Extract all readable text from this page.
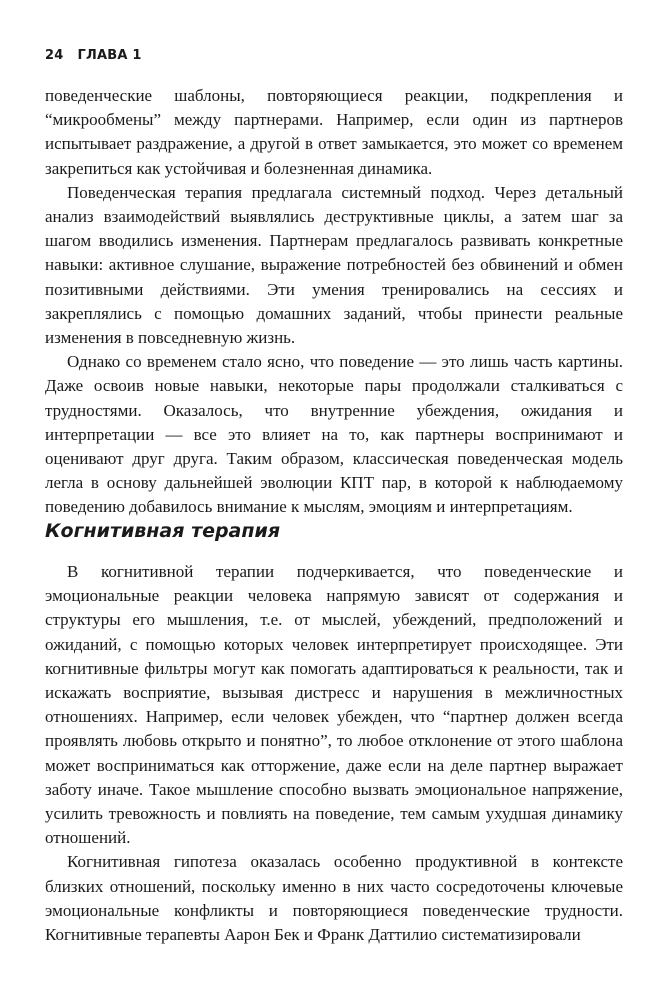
24 ГЛАВА 1

поведенческие шаблоны, повторяющиеся реакции, подкрепления и “микрообмены” между партнерами. Например, если один из партнеров испытывает раздражение, а другой в ответ замыкается, это может со временем закрепиться как устойчивая и болезненная динамика.

Поведенческая терапия предлагала системный подход. Через детальный анализ взаимодействий выявлялись деструктивные циклы, а затем шаг за шагом вводились изменения. Партнерам предлагалось развивать конкретные навыки: активное слушание, выражение потребностей без обвинений и обмен позитивными действиями. Эти умения тренировались на сессиях и закреплялись с помощью домашних заданий, чтобы принести реальные изменения в повседневную жизнь.

Однако со временем стало ясно, что поведение — это лишь часть картины. Даже освоив новые навыки, некоторые пары продолжали сталкиваться с трудностями. Оказалось, что внутренние убеждения, ожидания и интерпретации — все это влияет на то, как партнеры воспринимают и оценивают друг друга. Таким образом, классическая поведенческая модель легла в основу дальнейшей эволюции КПТ пар, в которой к наблюдаемому поведению добавилось внимание к мыслям, эмоциям и интерпретациям.

Когнитивная терапия

В когнитивной терапии подчеркивается, что поведенческие и эмоциональные реакции человека напрямую зависят от содержания и структуры его мышления, т.е. от мыслей, убеждений, предположений и ожиданий, с помощью которых человек интерпретирует происходящее. Эти когнитивные фильтры могут как помогать адаптироваться к реальности, так и искажать восприятие, вызывая дистресс и нарушения в межличностных отношениях. Например, если человек убежден, что “партнер должен всегда проявлять любовь открыто и понятно”, то любое отклонение от этого шаблона может восприниматься как отторжение, даже если на деле партнер выражает заботу иначе. Такое мышление способно вызвать эмоциональное напряжение, усилить тревожность и повлиять на поведение, тем самым ухудшая динамику отношений.

Когнитивная гипотеза оказалась особенно продуктивной в контексте близких отношений, поскольку именно в них часто сосредоточены ключевые эмоциональные конфликты и повторяющиеся поведенческие трудности. Когнитивные терапевты Аарон Бек и Франк Даттилио систематизировали
